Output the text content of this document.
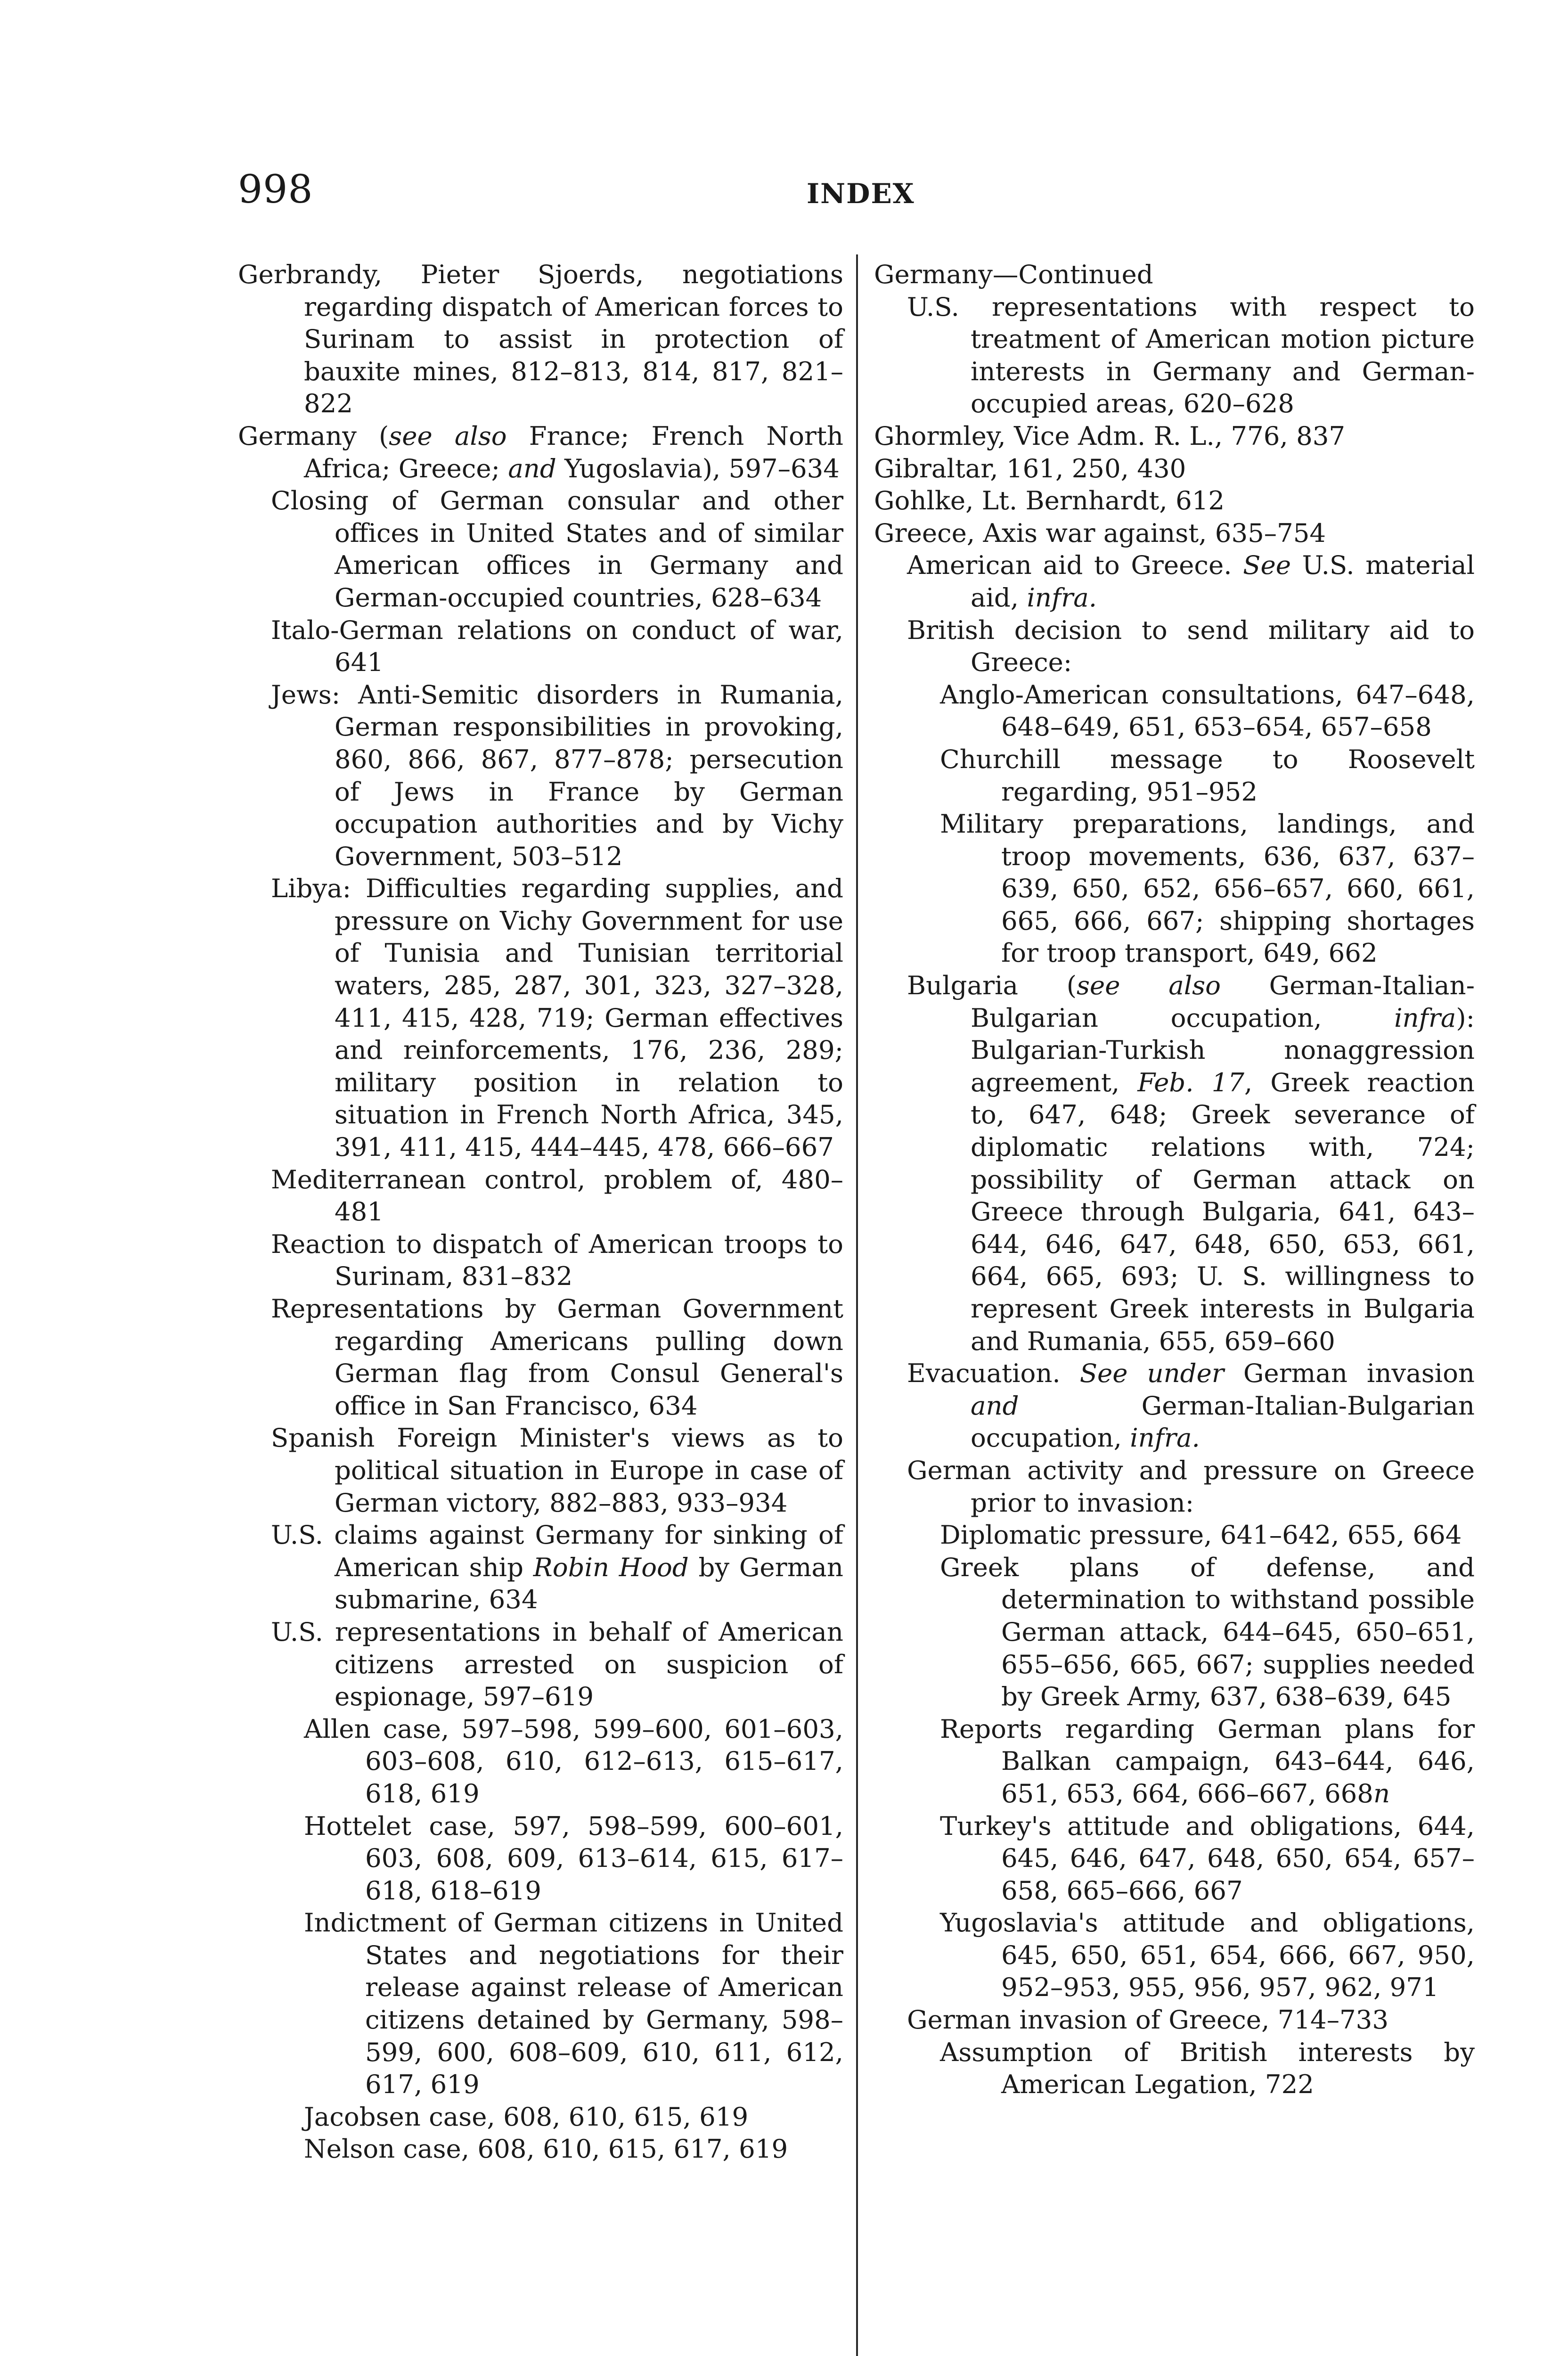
998	INDEX
Gerbrandy, Pieter Sjoerds, negotiations regarding dispatch of American forces to Surinam to assist in protection of bauxite mines, 812–813, 814, 817, 821–822
Germany (see also France; French North Africa; Greece; and Yugoslavia), 597–634
Closing of German consular and other offices in United States and of similar American offices in Germany and German-occupied countries, 628–634
Italo-German relations on conduct of war, 641
Jews: Anti-Semitic disorders in Rumania, German responsibilities in provoking, 860, 866, 867, 877–878; persecution of Jews in France by German occupation authorities and by Vichy Government, 503–512
Libya: Difficulties regarding supplies, and pressure on Vichy Government for use of Tunisia and Tunisian territorial waters, 285, 287, 301, 323, 327–328, 411, 415, 428, 719; German effectives and reinforcements, 176, 236, 289; military position in relation to situation in French North Africa, 345, 391, 411, 415, 444–445, 478, 666–667
Mediterranean control, problem of, 480–481
Reaction to dispatch of American troops to Surinam, 831–832
Representations by German Government regarding Americans pulling down German flag from Consul General's office in San Francisco, 634
Spanish Foreign Minister's views as to political situation in Europe in case of German victory, 882–883, 933–934
U.S. claims against Germany for sinking of American ship Robin Hood by German submarine, 634
U.S. representations in behalf of American citizens arrested on suspicion of espionage, 597–619
Allen case, 597–598, 599–600, 601–603, 603–608, 610, 612–613, 615–617, 618, 619
Hottelet case, 597, 598–599, 600–601, 603, 608, 609, 613–614, 615, 617–618, 618–619
Indictment of German citizens in United States and negotiations for their release against release of American citizens detained by Germany, 598–599, 600, 608–609, 610, 611, 612, 617, 619
Jacobsen case, 608, 610, 615, 619
Nelson case, 608, 610, 615, 617, 619
Germany—Continued
U.S. representations with respect to treatment of American motion picture interests in Germany and German-occupied areas, 620–628
Ghormley, Vice Adm. R. L., 776, 837
Gibraltar, 161, 250, 430
Gohlke, Lt. Bernhardt, 612
Greece, Axis war against, 635–754
American aid to Greece. See U.S. material aid, infra.
British decision to send military aid to Greece:
Anglo-American consultations, 647–648, 648–649, 651, 653–654, 657–658
Churchill message to Roosevelt regarding, 951–952
Military preparations, landings, and troop movements, 636, 637, 637–639, 650, 652, 656–657, 660, 661, 665, 666, 667; shipping shortages for troop transport, 649, 662
Bulgaria (see also German-Italian-Bulgarian occupation, infra): Bulgarian-Turkish nonaggression agreement, Feb. 17, Greek reaction to, 647, 648; Greek severance of diplomatic relations with, 724; possibility of German attack on Greece through Bulgaria, 641, 643–644, 646, 647, 648, 650, 653, 661, 664, 665, 693; U. S. willingness to represent Greek interests in Bulgaria and Rumania, 655, 659–660
Evacuation. See under German invasion and German-Italian-Bulgarian occupation, infra.
German activity and pressure on Greece prior to invasion:
Diplomatic pressure, 641–642, 655, 664
Greek plans of defense, and determination to withstand possible German attack, 644–645, 650–651, 655–656, 665, 667; supplies needed by Greek Army, 637, 638–639, 645
Reports regarding German plans for Balkan campaign, 643–644, 646, 651, 653, 664, 666–667, 668n
Turkey's attitude and obligations, 644, 645, 646, 647, 648, 650, 654, 657–658, 665–666, 667
Yugoslavia's attitude and obligations, 645, 650, 651, 654, 666, 667, 950, 952–953, 955, 956, 957, 962, 971
German invasion of Greece, 714–733
Assumption of British interests by American Legation, 722
